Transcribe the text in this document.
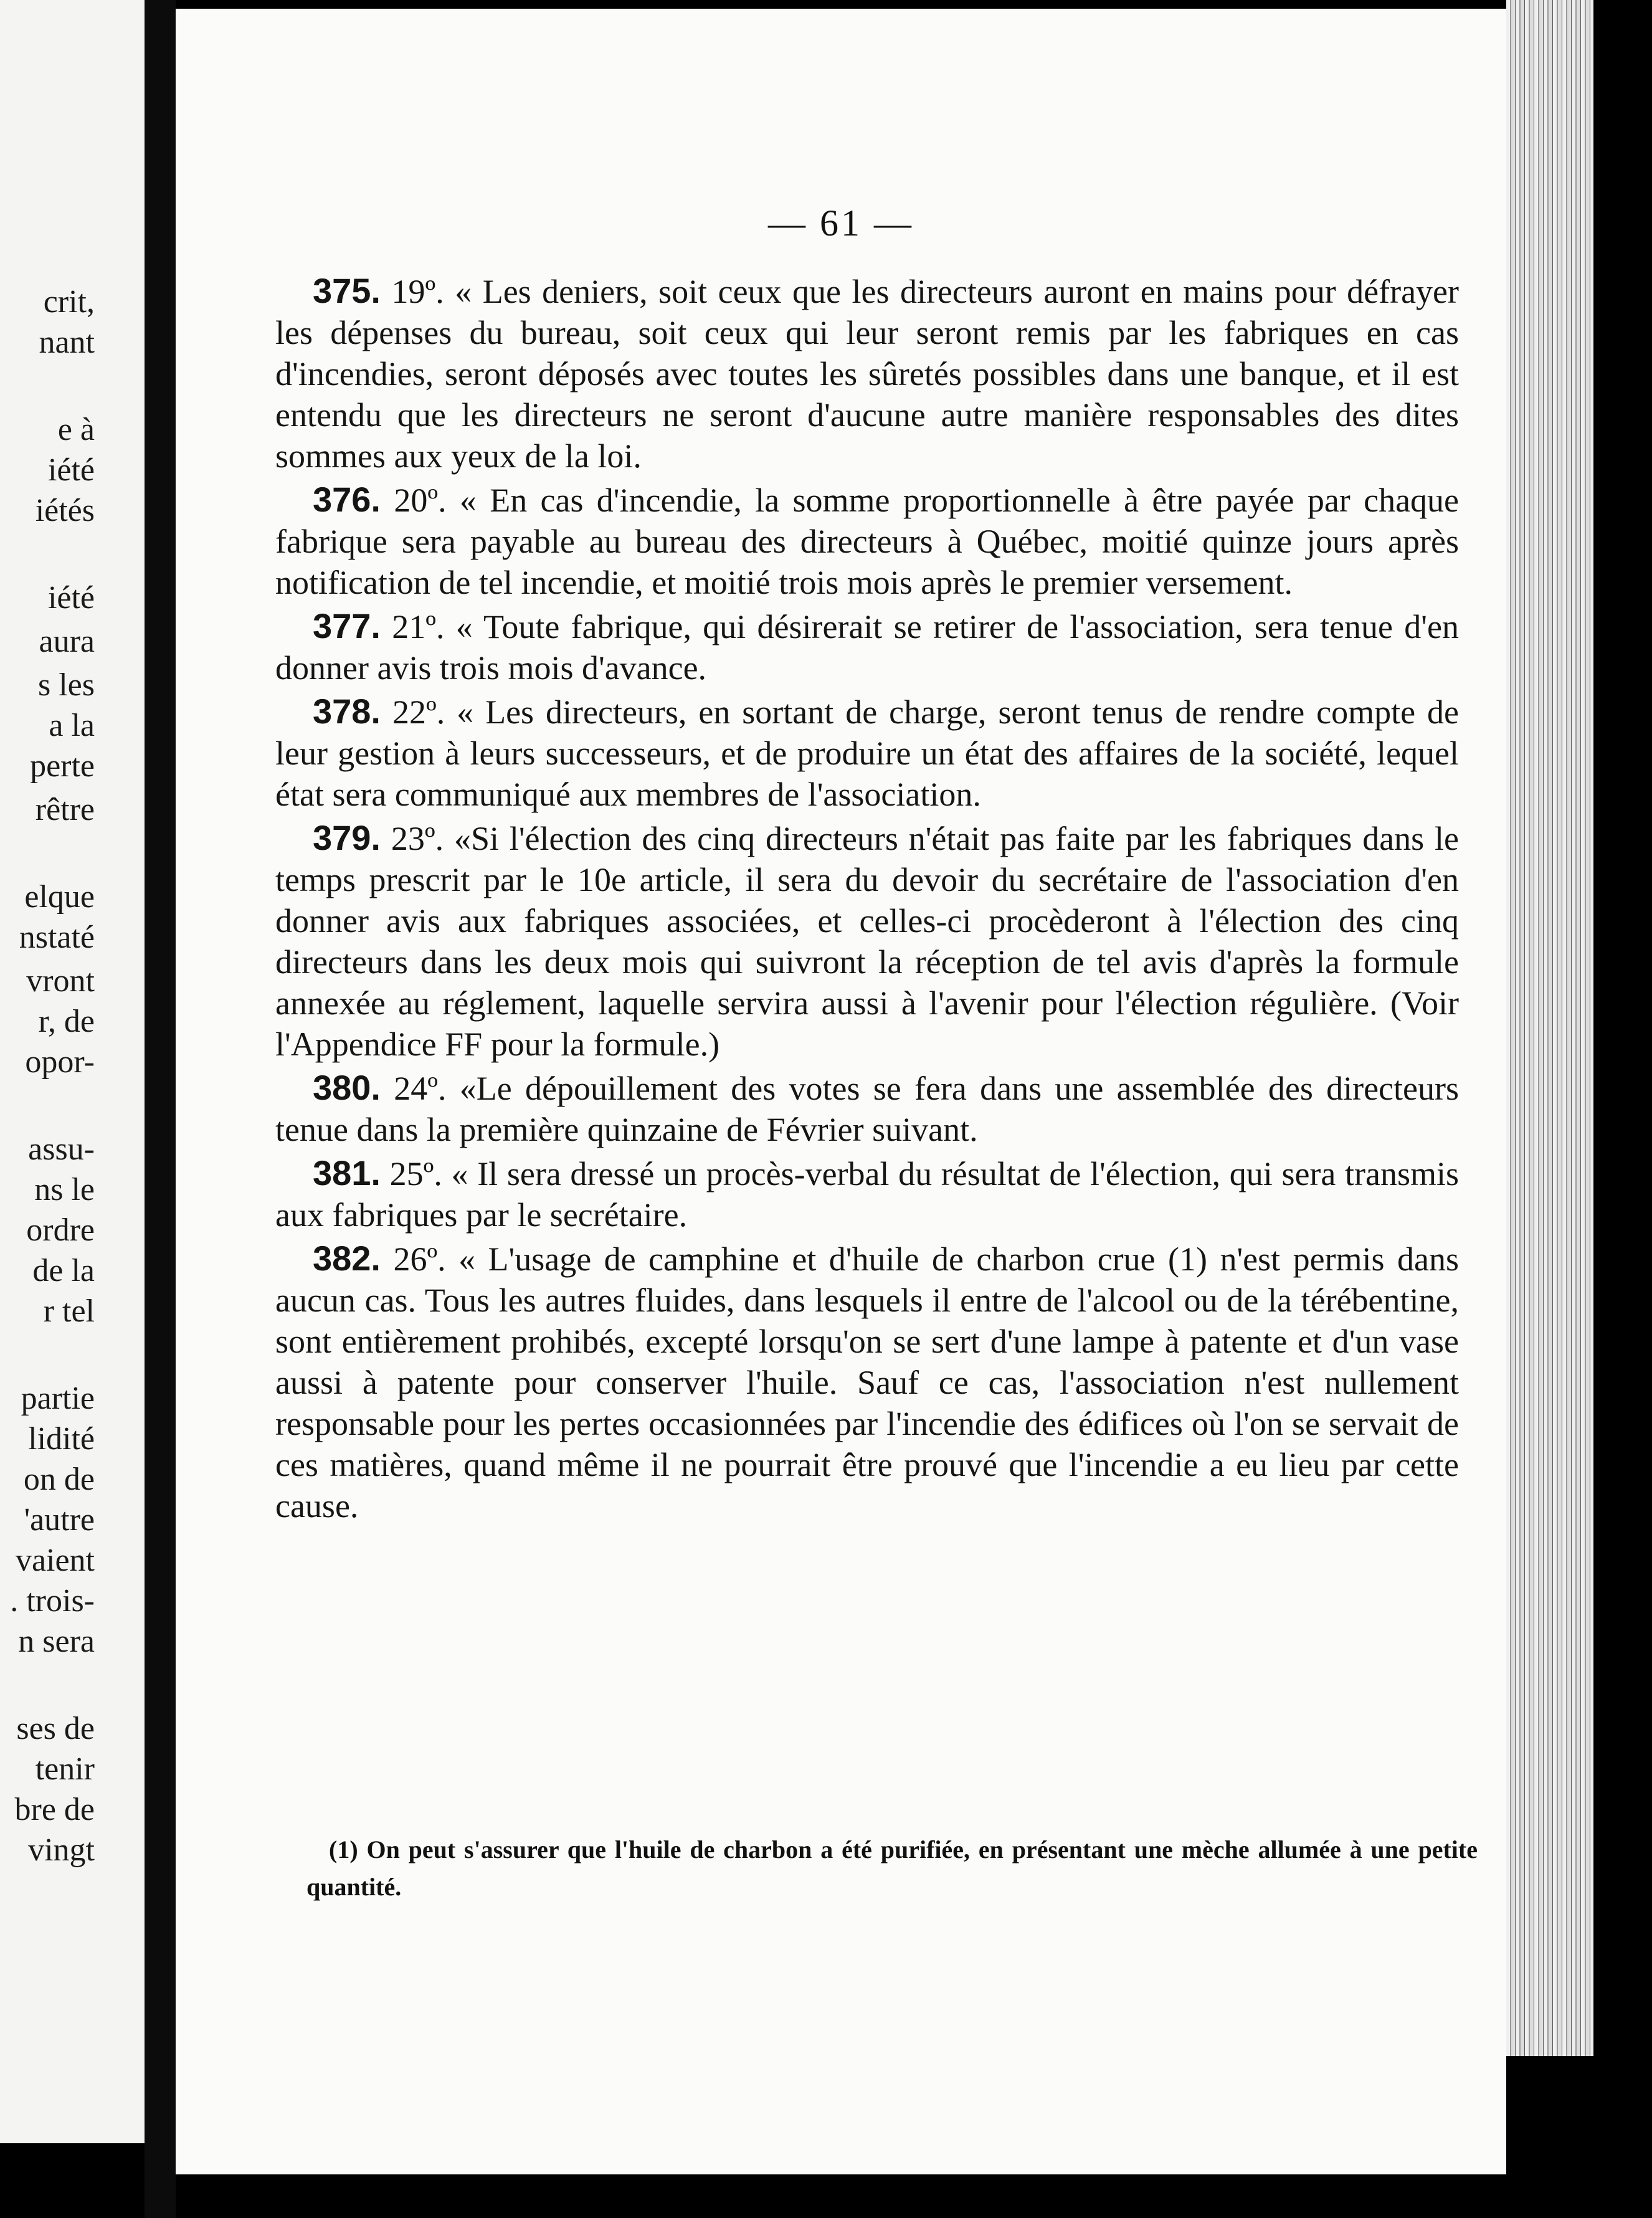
crit,
nant
e à
iété
iétés
iété
aura
s les
a la
perte
rêtre
elque
nstaté
vront
r, de
opor-
assu-
ns le
ordre
de la
r tel
partie
lidité
on de
'autre
vaient
. trois-
n sera
ses de
tenir
bre de
vingt
— 61 —

375. 19º. « Les deniers, soit ceux que les directeurs auront en mains pour défrayer les dépenses du bureau, soit ceux qui leur seront remis par les fabriques en cas d'incendies, seront déposés avec toutes les sûretés possibles dans une banque, et il est entendu que les directeurs ne seront d'aucune autre manière responsables des dites sommes aux yeux de la loi.

376. 20º. « En cas d'incendie, la somme proportionnelle à être payée par chaque fabrique sera payable au bureau des directeurs à Québec, moitié quinze jours après notification de tel incendie, et moitié trois mois après le premier versement.

377. 21º. « Toute fabrique, qui désirerait se retirer de l'association, sera tenue d'en donner avis trois mois d'avance.

378. 22º. « Les directeurs, en sortant de charge, seront tenus de rendre compte de leur gestion à leurs successeurs, et de produire un état des affaires de la société, lequel état sera communiqué aux membres de l'association.

379. 23º. «Si l'élection des cinq directeurs n'était pas faite par les fabriques dans le temps prescrit par le 10e article, il sera du devoir du secrétaire de l'association d'en donner avis aux fabriques associées, et celles-ci procèderont à l'élection des cinq directeurs dans les deux mois qui suivront la réception de tel avis d'après la formule annexée au réglement, laquelle servira aussi à l'avenir pour l'élection régulière. (Voir l'Appendice FF pour la formule.)

380. 24º. «Le dépouillement des votes se fera dans une assemblée des directeurs tenue dans la première quinzaine de Février suivant.

381. 25º. « Il sera dressé un procès-verbal du résultat de l'élection, qui sera transmis aux fabriques par le secrétaire.

382. 26º. « L'usage de camphine et d'huile de charbon crue (1) n'est permis dans aucun cas. Tous les autres fluides, dans lesquels il entre de l'alcool ou de la térébentine, sont entièrement prohibés, excepté lorsqu'on se sert d'une lampe à patente et d'un vase aussi à patente pour conserver l'huile. Sauf ce cas, l'association n'est nullement responsable pour les pertes occasionnées par l'incendie des édifices où l'on se servait de ces matières, quand même il ne pourrait être prouvé que l'incendie a eu lieu par cette cause.

(1) On peut s'assurer que l'huile de charbon a été purifiée, en présentant une mèche allumée à une petite quantité.
